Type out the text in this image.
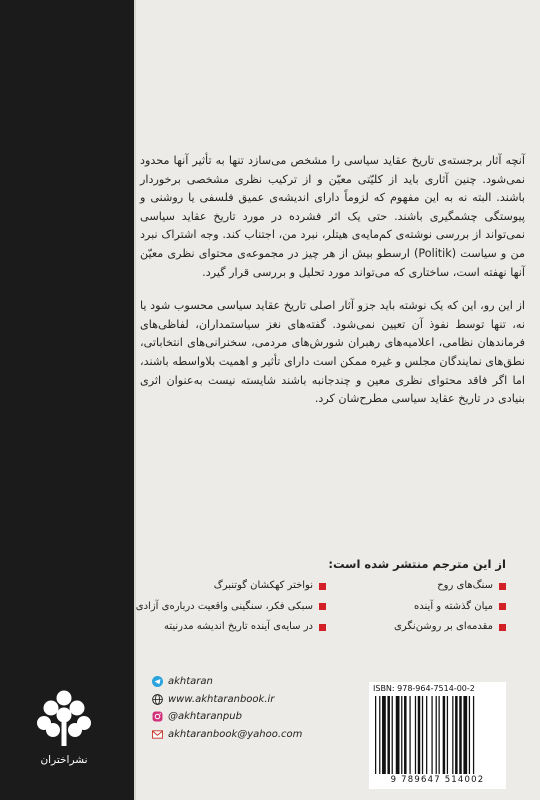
آنچه آثار برجسته‌ی تاریخ عقاید سیاسی را مشخص می‌سازد تنها به تأثیر آنها محدود نمی‌شود. چنین آثاری باید از کلیّتی معیّن و از ترکیب نظری مشخصی برخوردار باشند. البته نه به این مفهوم که لزوماً دارای اندیشه‌ی عمیق فلسفی یا روشنی و پیوستگی چشمگیری باشند. حتی یک اثر فشرده در مورد تاریخ عقاید سیاسی نمی‌تواند از بررسی نوشته‌ی کم‌مایه‌ی هیتلر، نبرد من، اجتناب کند. وجه اشتراک نبرد من و سیاست (Politik) ارسطو بیش از هر چیز در مجموعه‌ی محتوای نظری معیّن آنها نهفته است، ساختاری که می‌تواند مورد تحلیل و بررسی قرار گیرد.

از این رو، این که یک نوشته باید جزو آثار اصلی تاریخ عقاید سیاسی محسوب شود یا نه، تنها توسط نفوذ آن تعیین نمی‌شود. گفته‌های نغز سیاستمداران، لفاظی‌های فرماندهان نظامی، اعلامیه‌های رهبران شورش‌های مردمی، سخنرانی‌های انتخاباتی، نطق‌های نمایندگان مجلس و غیره ممکن است دارای تأثیر و اهمیت بلاواسطه باشند، اما اگر فاقد محتوای نظری معین و چندجانبه باشند شایسته نیست به‌عنوان اثری بنیادی در تاریخ عقاید سیاسی مطرح‌شان کرد.

از این مترجم منتشر شده است:
سنگ‌های روح
میان گذشته و آینده
مقدمه‌ای بر روشن‌نگری
نواختر کهکشان گوتنبرگ
سبکی فکر، سنگینی واقعیت درباره‌ی آزادی
در سایه‌ی آینده تاریخ اندیشه مدرنیته
akhtaran
www.akhtaranbook.ir
@akhtaranpub
akhtaranbook@yahoo.com
نشراختران
ISBN: 978-964-7514-00-2
9 789647 514002
